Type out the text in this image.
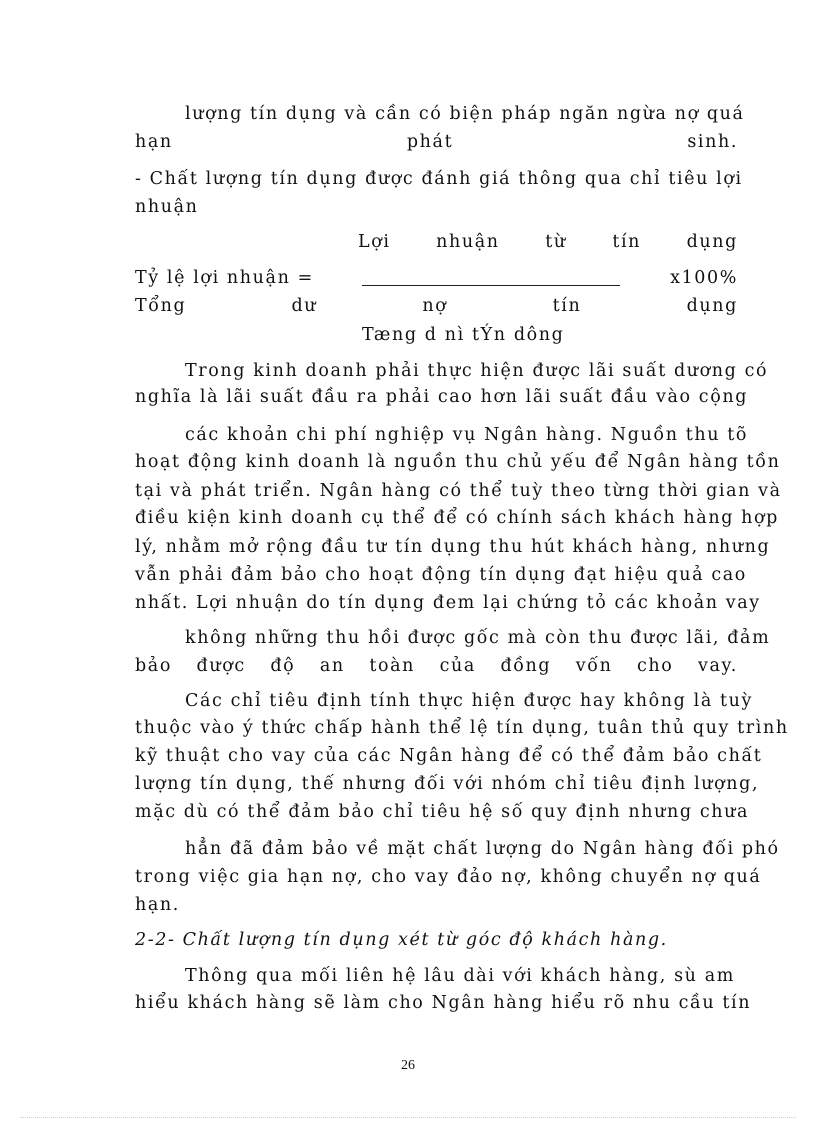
lượng tín dụng và cần có biện pháp ngăn ngừa nợ quá
hạn	phát	sinh.
- Chất lượng tín dụng được đánh giá thông qua chỉ tiêu lợi
nhuận
Lợi	nhuận	từ	tín	dụng
Tỷ lệ lợi nhuận =	x100%
Tổng	dư	nợ	tín	dụng
Tæng d nì tÝn dông
Trong kinh doanh phải thực hiện được lãi suất dương có
nghĩa là lãi suất đầu ra phải cao hơn lãi suất đầu vào cộng
các khoản chi phí nghiệp vụ Ngân hàng. Nguồn thu tõ
hoạt động kinh doanh là nguồn thu chủ yếu để Ngân hàng tồn
tại và phát triển. Ngân hàng có thể tuỳ theo từng thời gian và
điều kiện kinh doanh cụ thể để có chính sách khách hàng hợp
lý, nhằm mở rộng đầu tư tín dụng thu hút khách hàng, nhưng
vẫn phải đảm bảo cho hoạt động tín dụng đạt hiệu quả cao
nhất. Lợi nhuận do tín dụng đem lại chứng tỏ các khoản vay
không những thu hồi được gốc mà còn thu được lãi, đảm
bảo được độ an toàn của đồng vốn cho vay.
Các chỉ tiêu định tính thực hiện được hay không là tuỳ
thuộc vào ý thức chấp hành thể lệ tín dụng, tuân thủ quy trình
kỹ thuật cho vay của các Ngân hàng để có thể đảm bảo chất
lượng tín dụng, thế nhưng đối với nhóm chỉ tiêu định lượng,
mặc dù có thể đảm bảo chỉ tiêu hệ số quy định nhưng chưa
hẳn đã đảm bảo về mặt chất lượng do Ngân hàng đối phó
trong việc gia hạn nợ, cho vay đảo nợ, không chuyển nợ quá
hạn.
2-2- Chất lượng tín dụng xét từ góc độ khách hàng.
Thông qua mối liên hệ lâu dài với khách hàng, sù am
hiểu khách hàng sẽ làm cho Ngân hàng hiểu rõ nhu cầu tín
26
